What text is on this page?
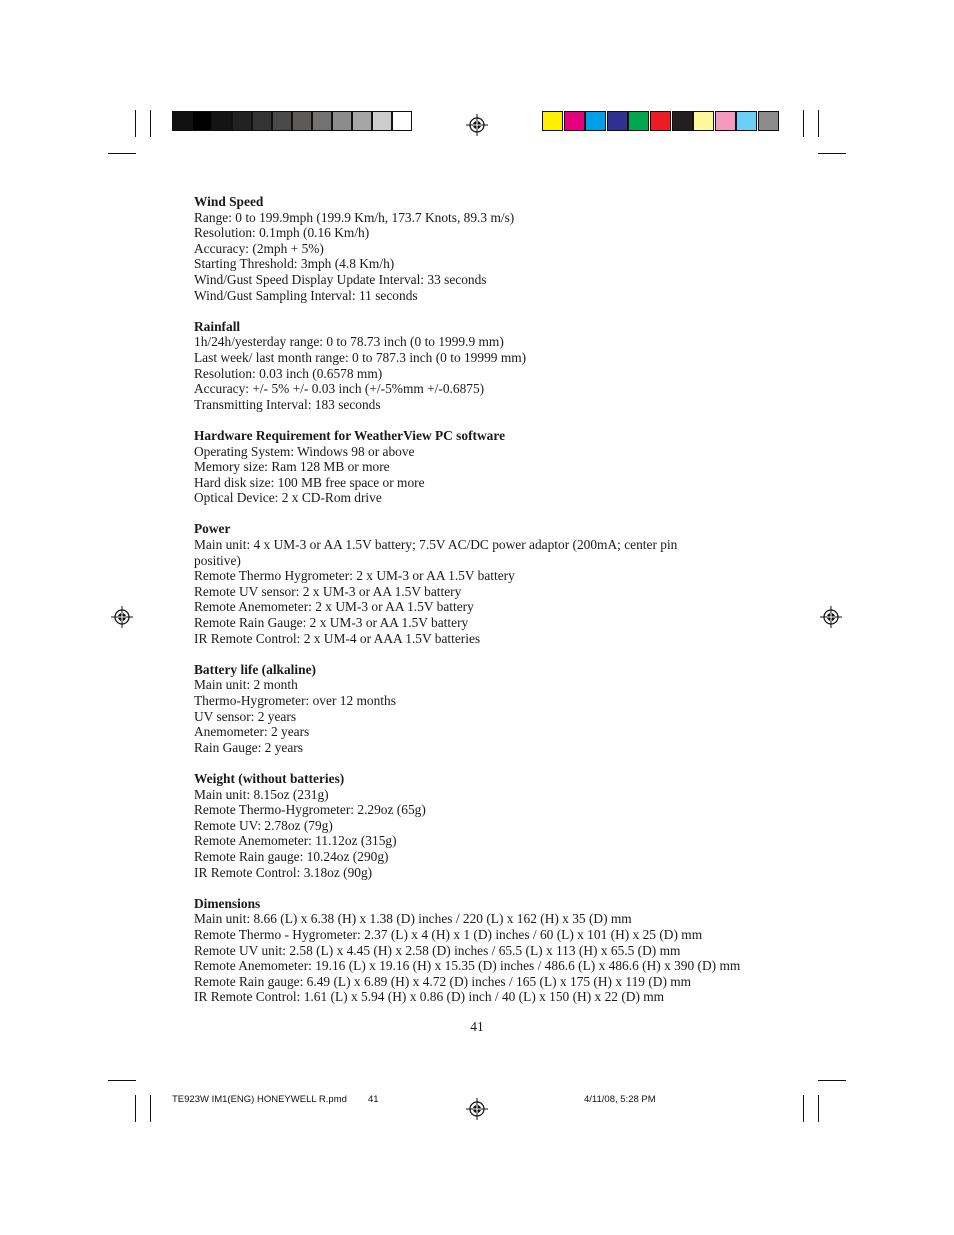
Wind Speed
Range: 0 to 199.9mph (199.9 Km/h, 173.7 Knots, 89.3 m/s)
Resolution: 0.1mph (0.16 Km/h)
Accuracy: (2mph + 5%)
Starting Threshold: 3mph (4.8 Km/h)
Wind/Gust Speed Display Update Interval: 33 seconds
Wind/Gust Sampling Interval: 11 seconds
Rainfall
1h/24h/yesterday range: 0 to 78.73 inch (0 to 1999.9 mm)
Last week/ last month range: 0 to 787.3 inch (0 to 19999 mm)
Resolution: 0.03 inch (0.6578 mm)
Accuracy: +/- 5% +/- 0.03 inch (+/-5%mm +/-0.6875)
Transmitting Interval: 183 seconds
Hardware Requirement for WeatherView PC software
Operating System: Windows 98 or above
Memory size: Ram 128 MB or more
Hard disk size: 100 MB free space or more
Optical Device: 2 x CD-Rom drive
Power
Main unit: 4 x UM-3 or AA 1.5V battery; 7.5V AC/DC power adaptor (200mA; center pin
positive)
Remote Thermo Hygrometer: 2 x UM-3 or AA 1.5V battery
Remote UV sensor: 2 x UM-3 or AA 1.5V battery
Remote Anemometer: 2 x UM-3 or AA 1.5V battery
Remote Rain Gauge: 2 x UM-3 or AA 1.5V battery
IR Remote Control: 2 x UM-4 or AAA 1.5V batteries
Battery life (alkaline)
Main unit: 2 month
Thermo-Hygrometer: over 12 months
UV sensor: 2 years
Anemometer: 2 years
Rain Gauge: 2 years
Weight (without batteries)
Main unit: 8.15oz (231g)
Remote Thermo-Hygrometer: 2.29oz (65g)
Remote UV: 2.78oz (79g)
Remote Anemometer: 11.12oz (315g)
Remote Rain gauge: 10.24oz (290g)
IR Remote Control: 3.18oz (90g)
Dimensions
Main unit: 8.66 (L) x 6.38 (H) x 1.38 (D) inches / 220 (L) x 162 (H) x 35 (D) mm
Remote Thermo - Hygrometer: 2.37 (L) x 4 (H) x 1 (D) inches / 60 (L) x 101 (H) x 25 (D) mm
Remote UV unit: 2.58 (L) x 4.45 (H) x 2.58 (D) inches / 65.5 (L) x 113 (H) x 65.5 (D) mm
Remote Anemometer: 19.16 (L) x 19.16 (H) x 15.35 (D) inches / 486.6 (L) x 486.6 (H) x 390 (D) mm
Remote Rain gauge: 6.49 (L) x 6.89 (H) x 4.72 (D) inches / 165 (L) x 175 (H) x 119 (D) mm
IR Remote Control: 1.61 (L) x 5.94 (H) x 0.86 (D) inch / 40 (L) x 150 (H) x 22 (D) mm
41
TE923W IM1(ENG) HONEYWELL R.pmd 41	4/11/08, 5:28 PM
